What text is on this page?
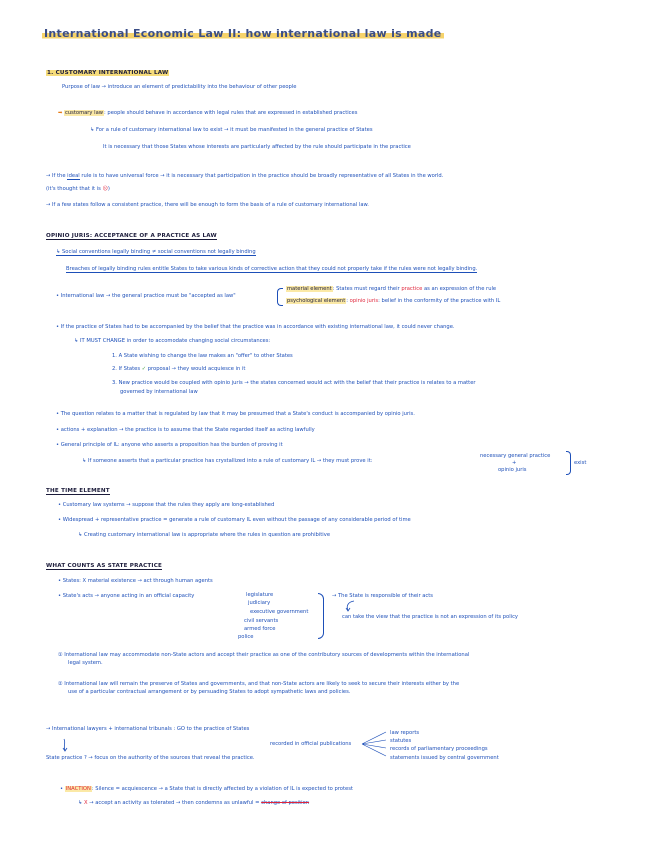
International Economic Law II: how international law is made
1. CUSTOMARY INTERNATIONAL LAW
Purpose of law → introduce an element of predictability into the behaviour of other people
➡ customary law: people should behave in accordance with legal rules that are expressed in established practices
↳ For a rule of customary international law to exist → it must be manifested in the general practice of States
It is necessary that those States whose interests are particularly affected by the rule should participate in the practice
→ If the ideal rule is to have universal force → it is necessary that participation in the practice should be broadly representative of all States in the world.
(it's thought that it is ☹)
→ If a few states follow a consistent practice, there will be enough to form the basis of a rule of customary international law.
OPINIO JURIS: ACCEPTANCE OF A PRACTICE AS LAW
↳ Social conventions legally binding ≠ social conventions not legally binding
Breaches of legally binding rules entitle States to take various kinds of corrective action that they could not properly take if the rules were not legally binding.
• International law → the general practice must be "accepted as law"
material element: States must regard their practice as an expression of the rule
psychological element: opinio juris: belief in the conformity of the practice with IL
• If the practice of States had to be accompanied by the belief that the practice was in accordance with existing international law, it could never change.
↳ IT MUST CHANGE in order to accomodate changing social circumstances:
1. A State wishing to change the law makes an "offer" to other States
2. If States ✓ proposal → they would acquiesce in it
3. New practice would be coupled with opinio juris → the states concerned would act with the belief that their practice is relates to a matter
governed by international law
• The question relates to a matter that is regulated by law that it may be presumed that a State's conduct is accompanied by opinio juris.
• actions + explanation → the practice is to assume that the State regarded itself as acting lawfully
• General principle of IL: anyone who asserts a proposition has the burden of proving it
↳ If someone asserts that a particular practice has crystallized into a rule of customary IL → they must prove it:
necessary general practice
+
opinio juris
exist
THE TIME ELEMENT
• Customary law systems → suppose that the rules they apply are long-established
• Widespread + representative practice = generate a rule of customary IL even without the passage of any considerable period of time
↳ Creating customary international law is appropriate where the rules in question are prohibitive
WHAT COUNTS AS STATE PRACTICE
• States: X material existence → act through human agents
• State's acts → anyone acting in an official capacity	legislature
judiciary
executive government
civil servants
armed force
police
→ The State is responsible of their acts
can take the view that the practice is not an expression of its policy
① International law may accommodate non-State actors and accept their practice as one of the contributory sources of developments within the international
legal system.
② International law will remain the preserve of States and governments, and that non-State actors are likely to seek to secure their interests either by the
use of a particular contractual arrangement or by persuading States to adopt sympathetic laws and policies.
→ International lawyers + international tribunals : GO to the practice of States
recorded in official publications
law reports
statutes
records of parliamentary proceedings
statements issued by central government
State practice ? → focus on the authority of the sources that reveal the practice.
• INACTION: Silence = acquiescence → a State that is directly affected by a violation of IL is expected to protest
↳ X → accept an activity as tolerated → then condemns as unlawful = change of position
